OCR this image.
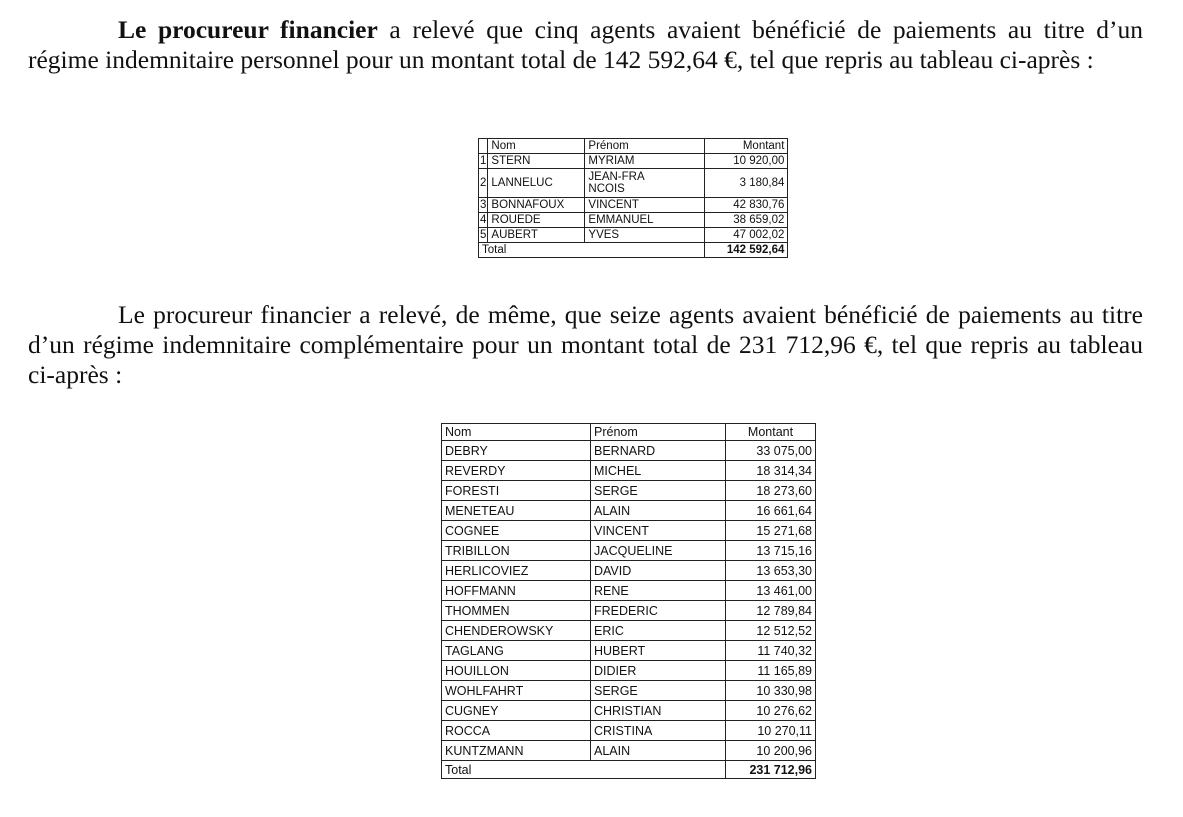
Le procureur financier a relevé que cinq agents avaient bénéficié de paiements au titre d’un régime indemnitaire personnel pour un montant total de 142 592,64 €, tel que repris au tableau ci-après :

	Nom	Prénom	Montant
1	STERN	MYRIAM	10 920,00
2	LANNELUC	JEAN-FRANCOIS	3 180,84
3	BONNAFOUX	VINCENT	42 830,76
4	ROUEDE	EMMANUEL	38 659,02
5	AUBERT	YVES	47 002,02
Total			142 592,64

Le procureur financier a relevé, de même, que seize agents avaient bénéficié de paiements au titre d’un régime indemnitaire complémentaire pour un montant total de 231 712,96 €, tel que repris au tableau ci-après :

Nom	Prénom	Montant
DEBRY	BERNARD	33 075,00
REVERDY	MICHEL	18 314,34
FORESTI	SERGE	18 273,60
MENETEAU	ALAIN	16 661,64
COGNEE	VINCENT	15 271,68
TRIBILLON	JACQUELINE	13 715,16
HERLICOVIEZ	DAVID	13 653,30
HOFFMANN	RENE	13 461,00
THOMMEN	FREDERIC	12 789,84
CHENDEROWSKY	ERIC	12 512,52
TAGLANG	HUBERT	11 740,32
HOUILLON	DIDIER	11 165,89
WOHLFAHRT	SERGE	10 330,98
CUGNEY	CHRISTIAN	10 276,62
ROCCA	CRISTINA	10 270,11
KUNTZMANN	ALAIN	10 200,96
Total		231 712,96
